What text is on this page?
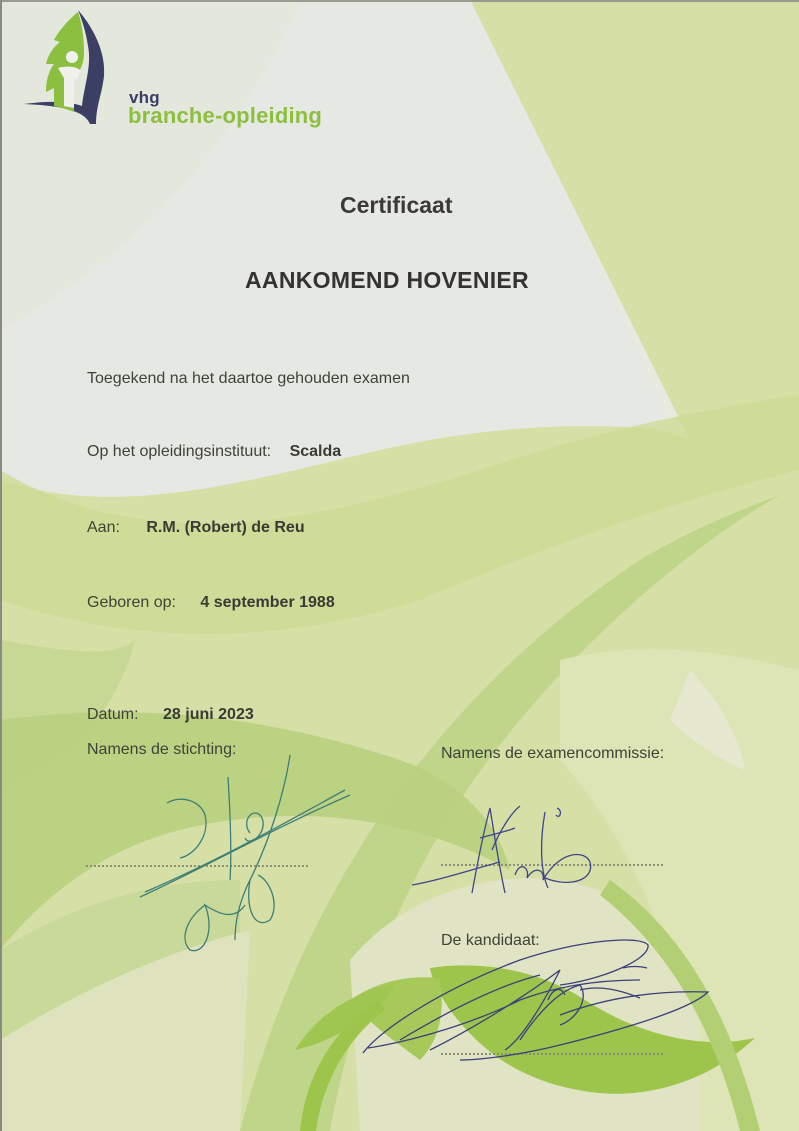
vhg
branche-opleiding
Certificaat
AANKOMEND HOVENIER
Toegekend na het daartoe gehouden examen
Op het opleidingsinstituut: Scalda
Aan: R.M. (Robert) de Reu
Geboren op: 4 september 1988
Datum: 28 juni 2023
Namens de stichting:	Namens de examencommissie:
De kandidaat:
